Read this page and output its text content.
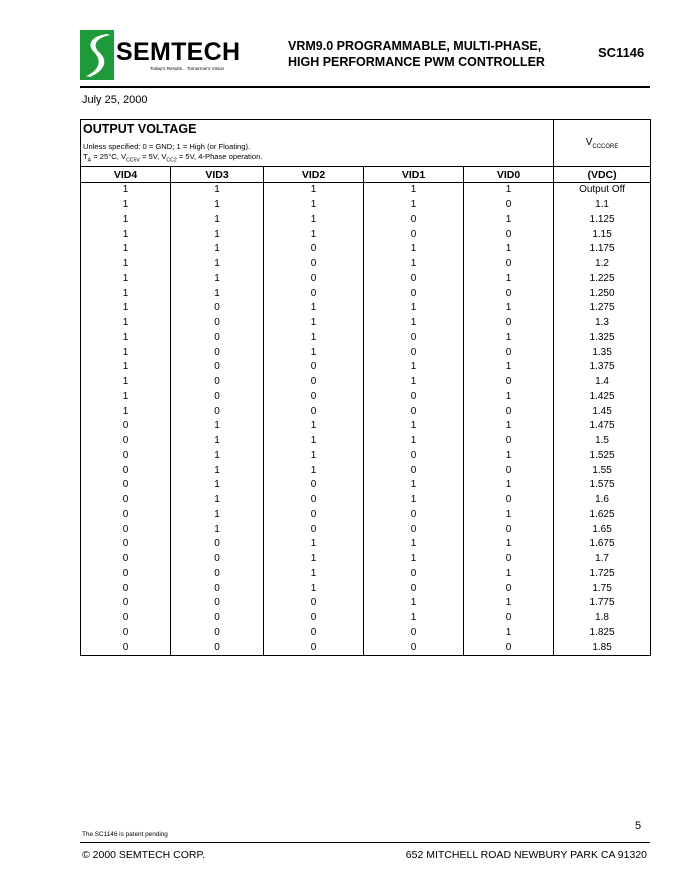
SEMTECH
Today's Results .. Tomorrow's Vision
VRM9.0 PROGRAMMABLE, MULTI-PHASE,
HIGH PERFORMANCE PWM CONTROLLER
SC1146
July 25, 2000
OUTPUT VOLTAGE
Unless specified: 0 = GND; 1 = High (or Floating).
$T_A = 25^\circ C$, $V_{CC5V} = 5V$, $V_{CC2} = 5V$, 4-Phase operation.					$V_{CCCORE}$
VID4	VID3	VID2	VID1	VID0	(VDC)
1	1	1	1	1	Output Off
1	1	1	1	0	1.1
1	1	1	0	1	1.125
1	1	1	0	0	1.15
1	1	0	1	1	1.175
1	1	0	1	0	1.2
1	1	0	0	1	1.225
1	1	0	0	0	1.250
1	0	1	1	1	1.275
1	0	1	1	0	1.3
1	0	1	0	1	1.325
1	0	1	0	0	1.35
1	0	0	1	1	1.375
1	0	0	1	0	1.4
1	0	0	0	1	1.425
1	0	0	0	0	1.45
0	1	1	1	1	1.475
0	1	1	1	0	1.5
0	1	1	0	1	1.525
0	1	1	0	0	1.55
0	1	0	1	1	1.575
0	1	0	1	0	1.6
0	1	0	0	1	1.625
0	1	0	0	0	1.65
0	0	1	1	1	1.675
0	0	1	1	0	1.7
0	0	1	0	1	1.725
0	0	1	0	0	1.75
0	0	0	1	1	1.775
0	0	0	1	0	1.8
0	0	0	0	1	1.825
0	0	0	0	0	1.85
5
The SC1146 is patent pending
© 2000 SEMTECH CORP.	652 MITCHELL ROAD NEWBURY PARK CA 91320
